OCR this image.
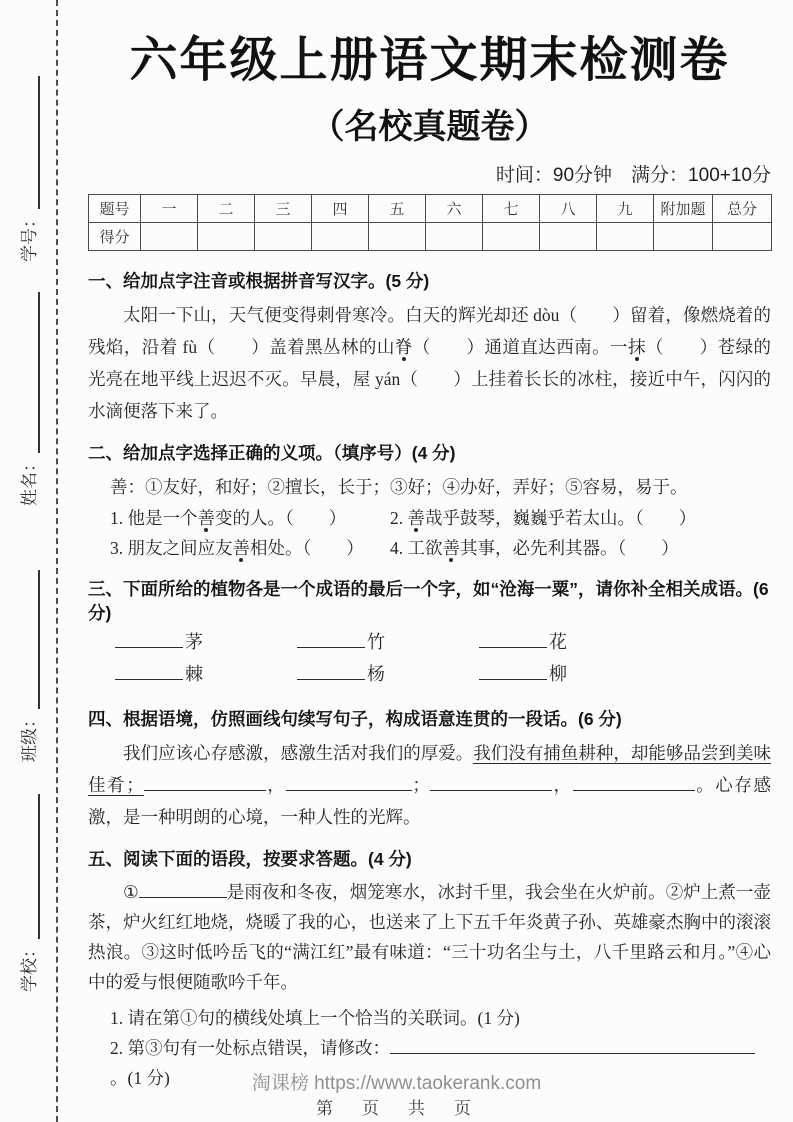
学号：
姓名：
班级：
学校：
六年级上册语文期末检测卷
（名校真题卷）
时间：90分钟　满分：100+10分
题号	一	二	三	四	五	六	七	八	九	附加题	总分
得分											
一、给加点字注音或根据拼音写汉字。(5 分)

太阳一下山，天气便变得刺骨寒冷。白天的辉光却还 dòu（　　）留着，像燃烧着的残焰，沿着 fù（　　）盖着黑丛林的山脊（　　）通道直达西南。一抹（　　）苍绿的光亮在地平线上迟迟不灭。早晨，屋 yán（　　）上挂着长长的冰柱，接近中午，闪闪的水滴便落下来了。

二、给加点字选择正确的义项。（填序号）(4 分)

善：①友好，和好；②擅长，长于；③好；④办好，弄好；⑤容易，易于。

1. 他是一个善变的人。（　　）	2. 善哉乎鼓琴，巍巍乎若太山。（　　）
3. 朋友之间应友善相处。（　　）	4. 工欲善其事，必先利其器。（　　）
三、下面所给的植物各是一个成语的最后一个字，如“沧海一粟”，请你补全相关成语。(6 分)
茅	竹	花
棘	杨	柳
四、根据语境，仿照画线句续写句子，构成语意连贯的一段话。(6 分)

我们应该心存感激，感激生活对我们的厚爱。我们没有捕鱼耕种，却能够品尝到美味佳肴；	，	；	，	。心存感激，是一种明朗的心境，一种人性的光辉。

五、阅读下面的语段，按要求答题。(4 分)

①	是雨夜和冬夜，烟笼寒水，冰封千里，我会坐在火炉前。②炉上煮一壶茶，炉火红红地烧，烧暖了我的心，也送来了上下五千年炎黄子孙、英雄豪杰胸中的滚滚热浪。③这时低吟岳飞的“满江红”最有味道：“三十功名尘与土，八千里路云和月。”④心中的爱与恨便随歌吟千年。

1. 请在第①句的横线处填上一个恰当的关联词。(1 分)
2. 第③句有一处标点错误，请修改：。(1 分)	淘课榜 https://www.taokerank.com
第　页　共　页
